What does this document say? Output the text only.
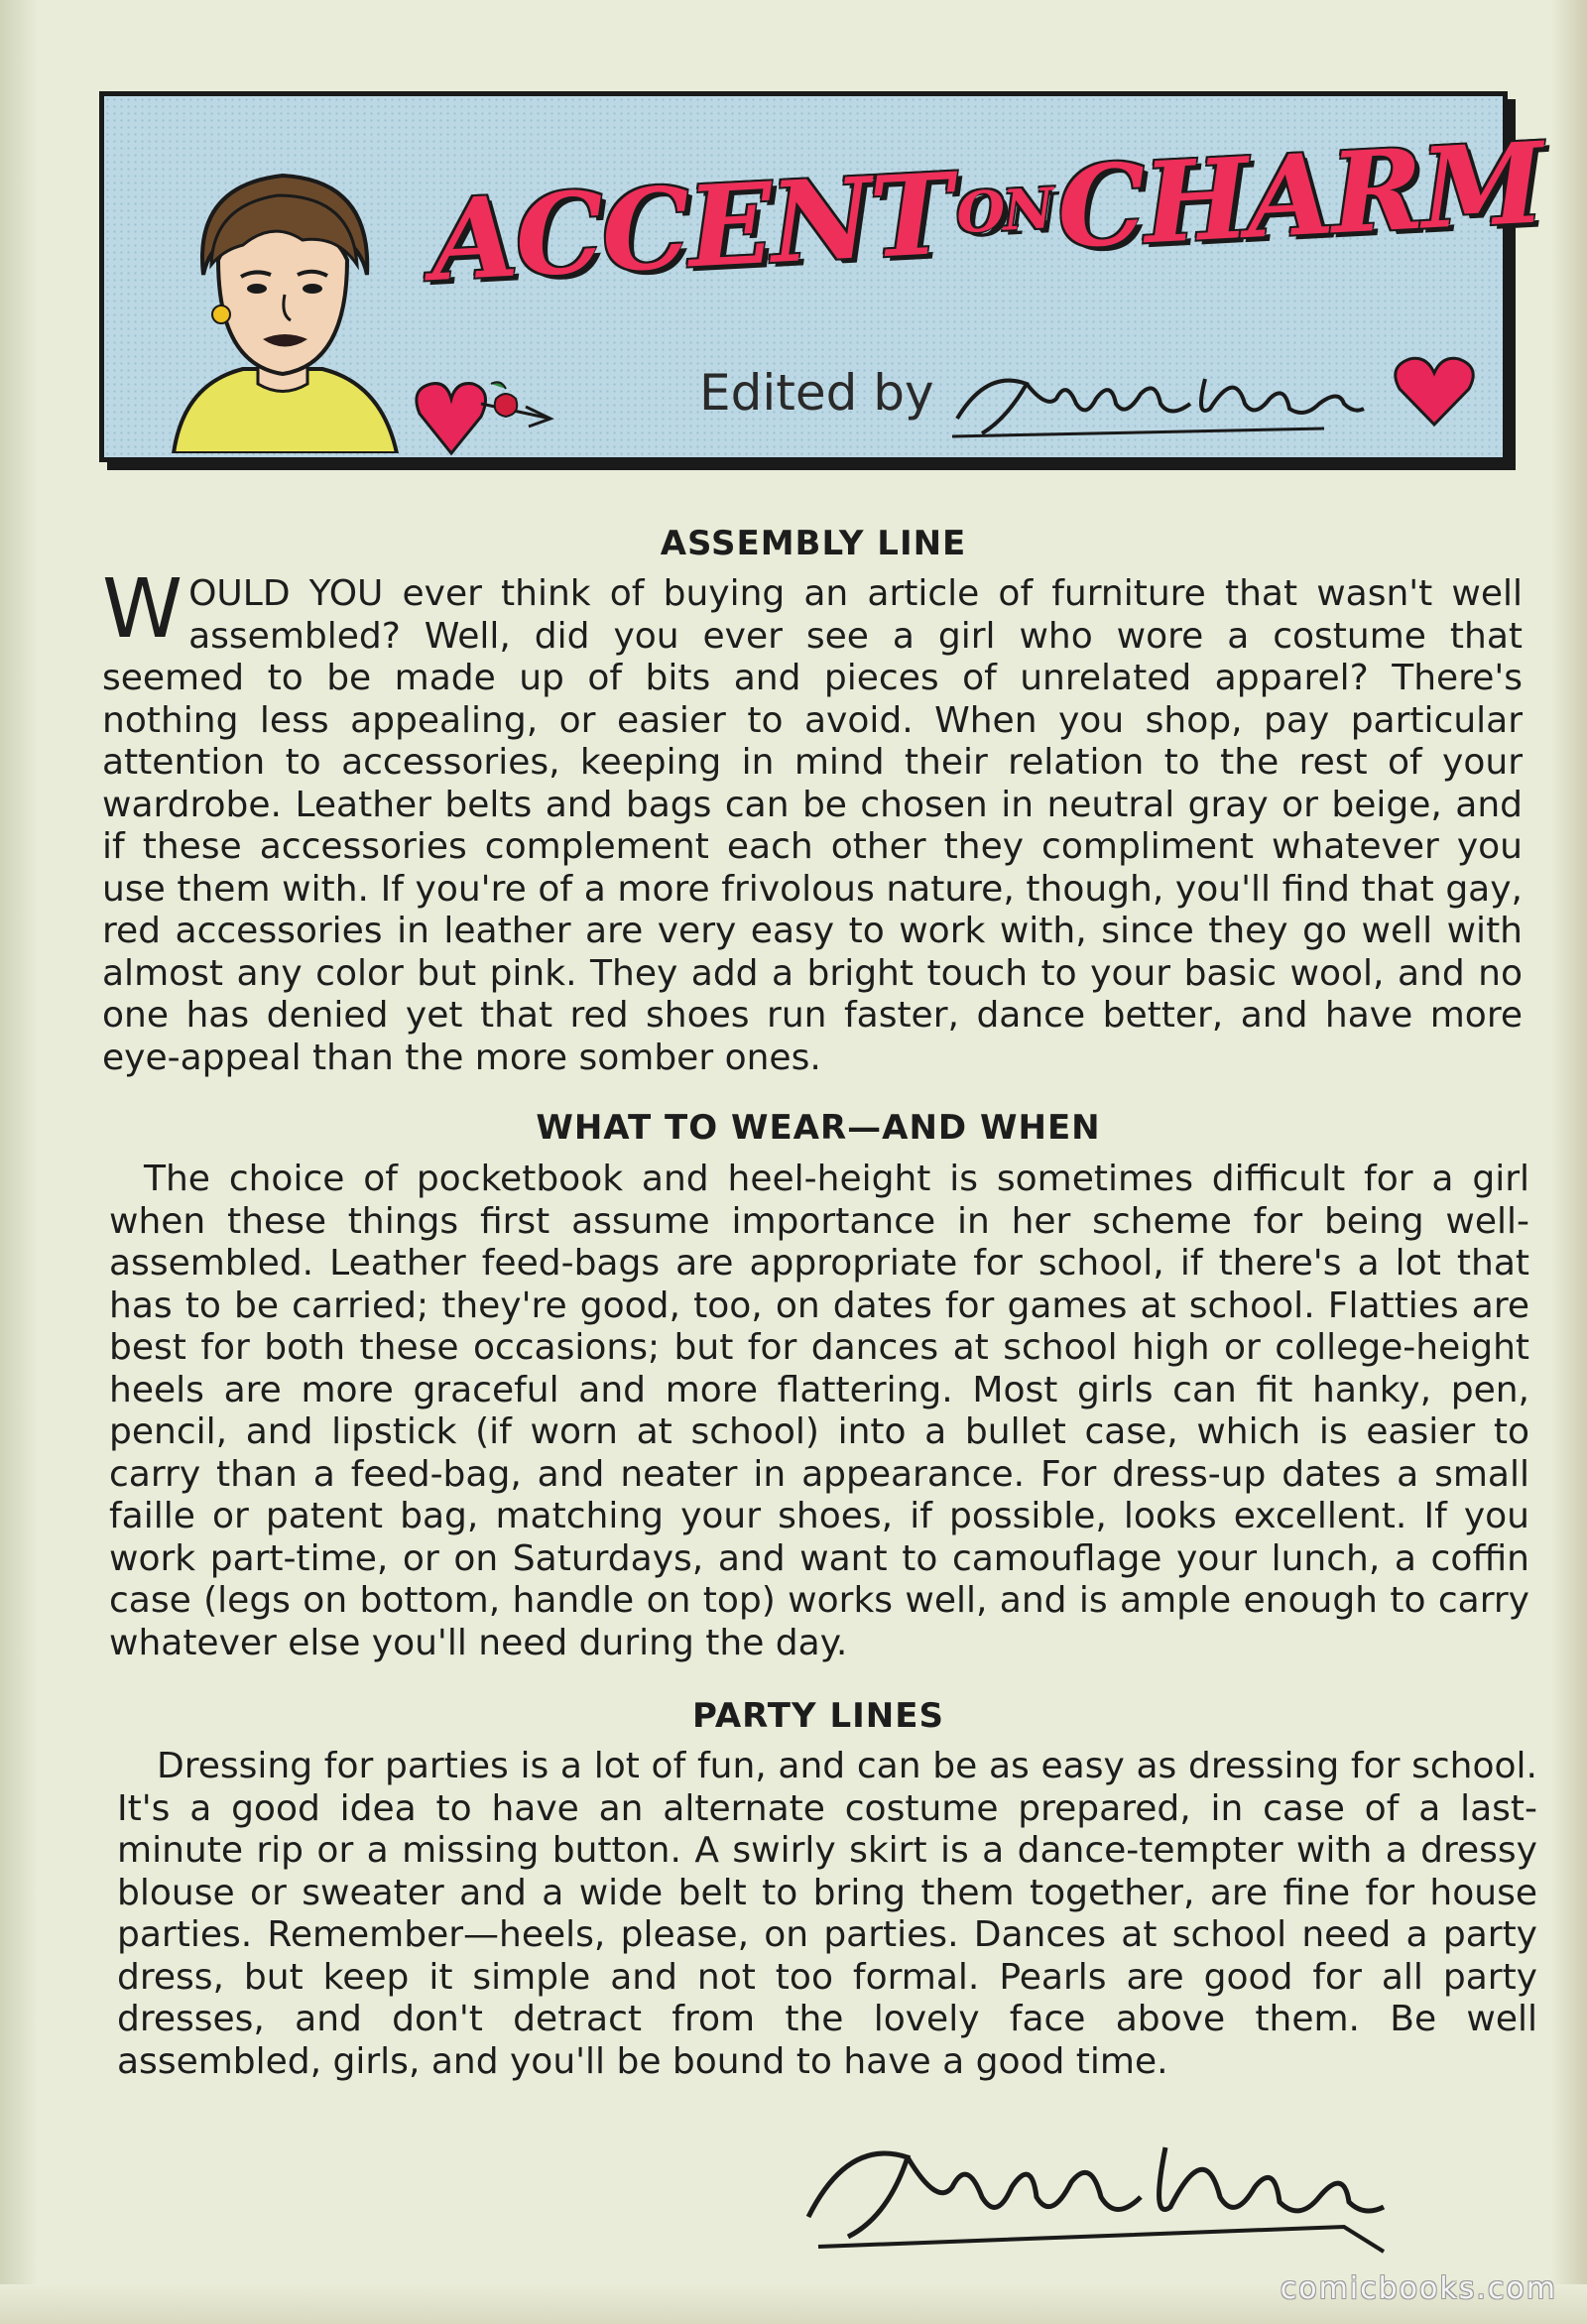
ACCENT ON CHARM
Edited by
ASSEMBLY LINE

WOULD YOU ever think of buying an article of furniture that wasn't well assembled? Well, did you ever see a girl who wore a costume that seemed to be made up of bits and pieces of unrelated apparel? There's nothing less appealing, or easier to avoid. When you shop, pay particular attention to accessories, keeping in mind their relation to the rest of your wardrobe. Leather belts and bags can be chosen in neutral gray or beige, and if these accessories complement each other they compliment whatever you use them with. If you're of a more frivolous nature, though, you'll find that gay, red accessories in leather are very easy to work with, since they go well with almost any color but pink. They add a bright touch to your basic wool, and no one has denied yet that red shoes run faster, dance better, and have more eye-appeal than the more somber ones.

WHAT TO WEAR—AND WHEN

The choice of pocketbook and heel-height is sometimes difficult for a girl when these things first assume importance in her scheme for being well-assembled. Leather feed-bags are appropriate for school, if there's a lot that has to be carried; they're good, too, on dates for games at school. Flatties are best for both these occasions; but for dances at school high or college-height heels are more graceful and more flattering. Most girls can fit hanky, pen, pencil, and lipstick (if worn at school) into a bullet case, which is easier to carry than a feed-bag, and neater in appearance. For dress-up dates a small faille or patent bag, matching your shoes, if possible, looks excellent. If you work part-time, or on Saturdays, and want to camouflage your lunch, a coffin case (legs on bottom, handle on top) works well, and is ample enough to carry whatever else you'll need during the day.

PARTY LINES

Dressing for parties is a lot of fun, and can be as easy as dressing for school. It's a good idea to have an alternate costume prepared, in case of a last-minute rip or a missing button. A swirly skirt is a dance-tempter with a dressy blouse or sweater and a wide belt to bring them together, are fine for house parties. Remember—heels, please, on parties. Dances at school need a party dress, but keep it simple and not too formal. Pearls are good for all party dresses, and don't detract from the lovely face above them. Be well assembled, girls, and you'll be bound to have a good time.

comicbooks.com
